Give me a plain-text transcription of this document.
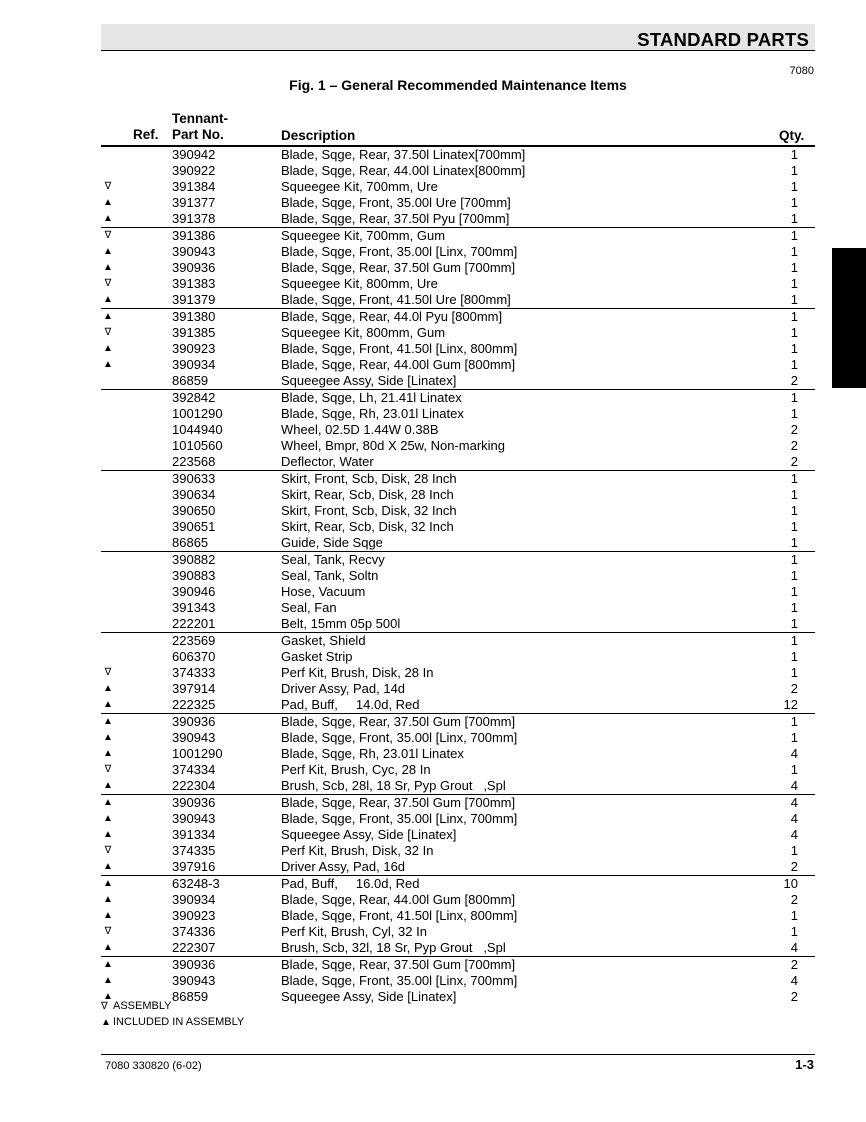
STANDARD PARTS
7080
Fig. 1 – General Recommended Maintenance Items
Tennant-
Ref. Part No.	Description	Qty.
390942	Blade, Sqge, Rear, 37.50l Linatex[700mm]	1
390922	Blade, Sqge, Rear, 44.00l Linatex[800mm]	1
∇	391384	Squeegee Kit, 700mm, Ure	1
▲	391377	Blade, Sqge, Front, 35.00l Ure [700mm]	1
▲	391378	Blade, Sqge, Rear, 37.50l Pyu [700mm]	1
∇	391386	Squeegee Kit, 700mm, Gum	1
▲	390943	Blade, Sqge, Front, 35.00l [Linx, 700mm]	1
▲	390936	Blade, Sqge, Rear, 37.50l Gum [700mm]	1
∇	391383	Squeegee Kit, 800mm, Ure	1
▲	391379	Blade, Sqge, Front, 41.50l Ure [800mm]	1
▲	391380	Blade, Sqge, Rear, 44.0l Pyu [800mm]	1
∇	391385	Squeegee Kit, 800mm, Gum	1
▲	390923	Blade, Sqge, Front, 41.50l [Linx, 800mm]	1
▲	390934	Blade, Sqge, Rear, 44.00l Gum [800mm]	1
86859	Squeegee Assy, Side [Linatex]	2
392842	Blade, Sqge, Lh, 21.41l Linatex	1
1001290	Blade, Sqge, Rh, 23.01l Linatex	1
1044940	Wheel, 02.5D 1.44W 0.38B	2
1010560	Wheel, Bmpr, 80d X 25w, Non-marking	2
223568	Deflector, Water	2
390633	Skirt, Front, Scb, Disk, 28 Inch	1
390634	Skirt, Rear, Scb, Disk, 28 Inch	1
390650	Skirt, Front, Scb, Disk, 32 Inch	1
390651	Skirt, Rear, Scb, Disk, 32 Inch	1
86865	Guide, Side Sqge	1
390882	Seal, Tank, Recvy	1
390883	Seal, Tank, Soltn	1
390946	Hose, Vacuum	1
391343	Seal, Fan	1
222201	Belt, 15mm 05p 500l	1
223569	Gasket, Shield	1
606370	Gasket Strip	1
∇	374333	Perf Kit, Brush, Disk, 28 In	1
▲	397914	Driver Assy, Pad, 14d	2
▲	222325	Pad, Buff,     14.0d, Red	12
▲	390936	Blade, Sqge, Rear, 37.50l Gum [700mm]	1
▲	390943	Blade, Sqge, Front, 35.00l [Linx, 700mm]	1
▲	1001290	Blade, Sqge, Rh, 23.01l Linatex	4
∇	374334	Perf Kit, Brush, Cyc, 28 In	1
▲	222304	Brush, Scb, 28l, 18 Sr, Pyp Grout   ,Spl	4
▲	390936	Blade, Sqge, Rear, 37.50l Gum [700mm]	4
▲	390943	Blade, Sqge, Front, 35.00l [Linx, 700mm]	4
▲	391334	Squeegee Assy, Side [Linatex]	4
∇	374335	Perf Kit, Brush, Disk, 32 In	1
▲	397916	Driver Assy, Pad, 16d	2
▲	63248-3	Pad, Buff,     16.0d, Red	10
▲	390934	Blade, Sqge, Rear, 44.00l Gum [800mm]	2
▲	390923	Blade, Sqge, Front, 41.50l [Linx, 800mm]	1
∇	374336	Perf Kit, Brush, Cyl, 32 In	1
▲	222307	Brush, Scb, 32l, 18 Sr, Pyp Grout   ,Spl	4
▲	390936	Blade, Sqge, Rear, 37.50l Gum [700mm]	2
▲	390943	Blade, Sqge, Front, 35.00l [Linx, 700mm]	4
▲	86859	Squeegee Assy, Side [Linatex]	2
∇ ASSEMBLY
▲ INCLUDED IN ASSEMBLY
7080 330820 (6-02)	1-3
